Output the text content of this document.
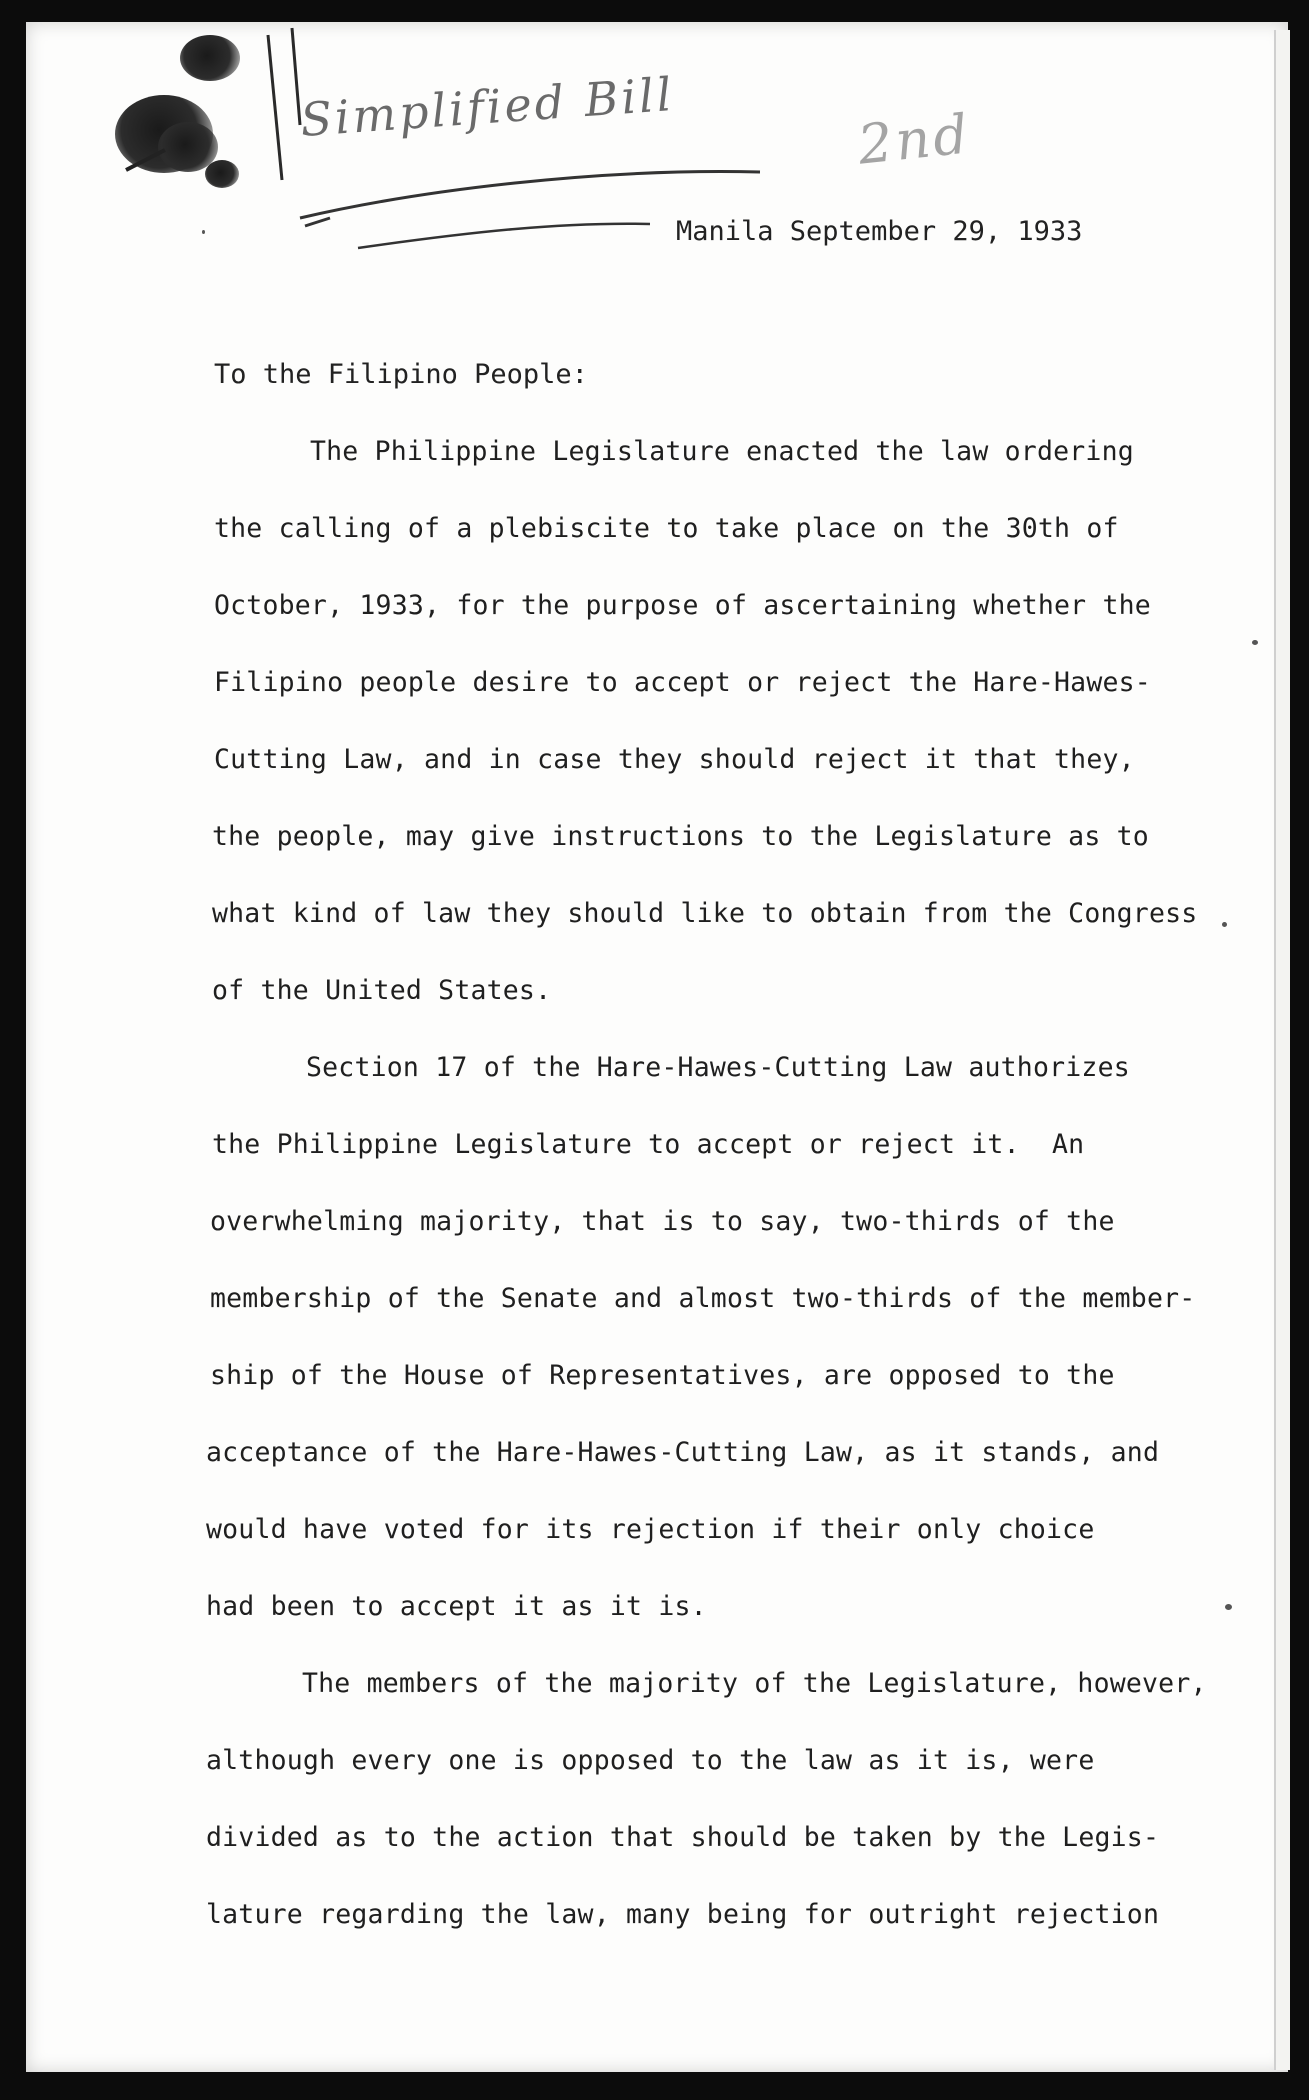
Simplified Bill	2nd
Manila September 29, 1933
To the Filipino People:
The Philippine Legislature enacted the law ordering
the calling of a plebiscite to take place on the 30th of
October, 1933, for the purpose of ascertaining whether the
Filipino people desire to accept or reject the Hare-Hawes-
Cutting Law, and in case they should reject it that they,
the people, may give instructions to the Legislature as to
what kind of law they should like to obtain from the Congress
of the United States.
Section 17 of the Hare-Hawes-Cutting Law authorizes
the Philippine Legislature to accept or reject it.  An
overwhelming majority, that is to say, two-thirds of the
membership of the Senate and almost two-thirds of the member-
ship of the House of Representatives, are opposed to the
acceptance of the Hare-Hawes-Cutting Law, as it stands, and
would have voted for its rejection if their only choice
had been to accept it as it is.
The members of the majority of the Legislature, however,
although every one is opposed to the law as it is, were
divided as to the action that should be taken by the Legis-
lature regarding the law, many being for outright rejection
